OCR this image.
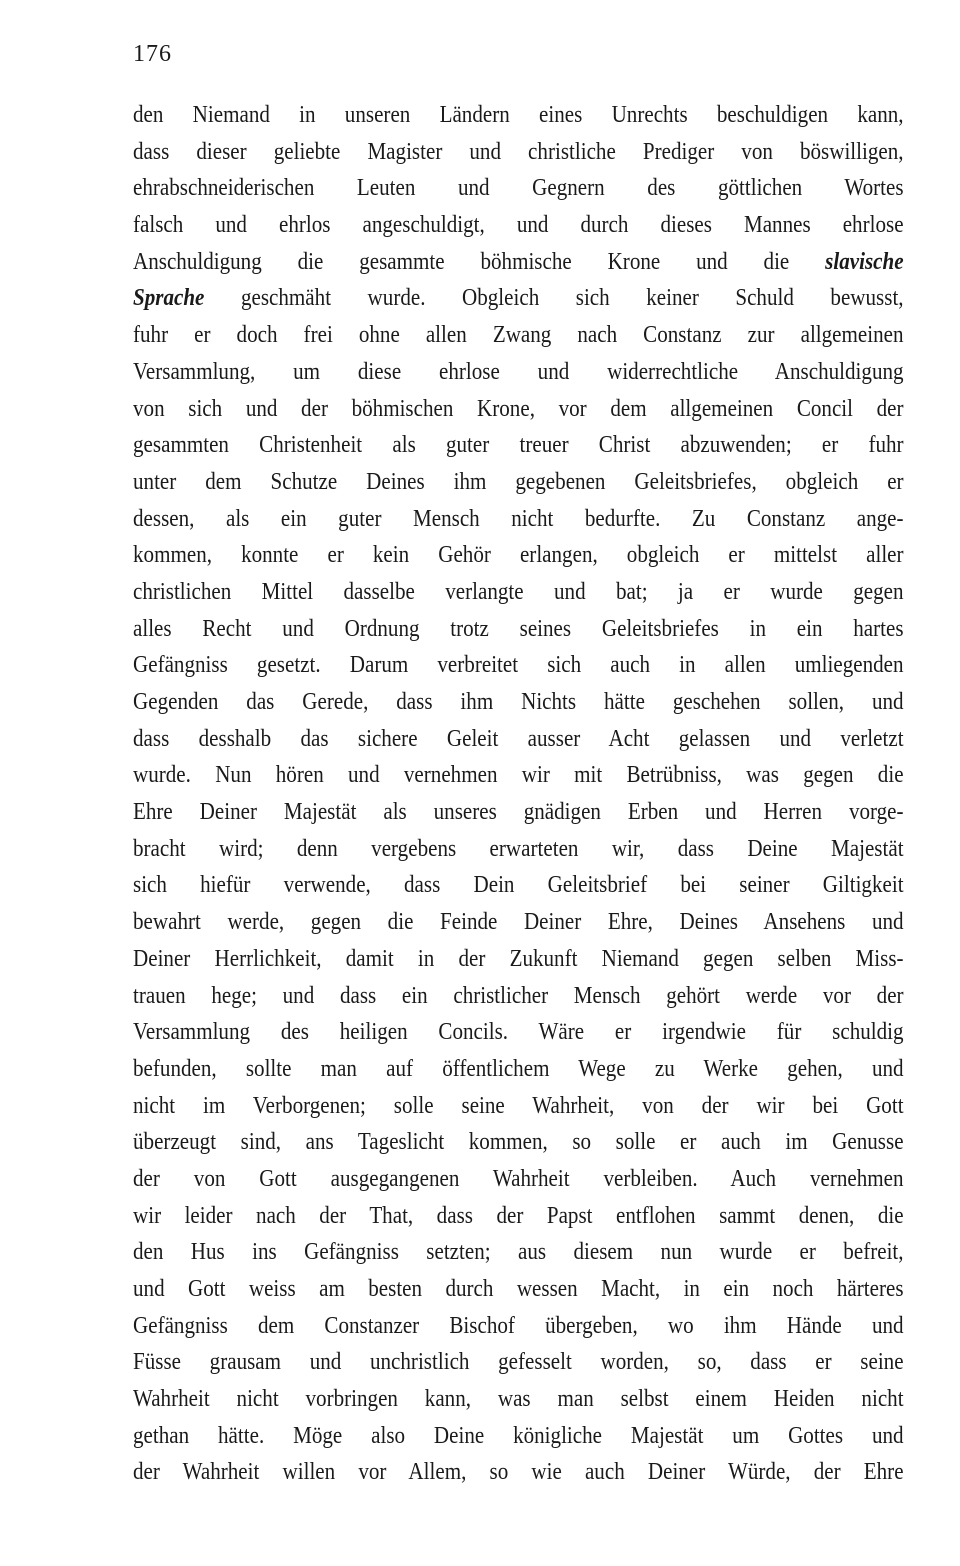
176
den Niemand in unseren Ländern eines Unrechts beschuldigen kann,
dass dieser geliebte Magister und christliche Prediger von böswilligen,
ehrabschneiderischen Leuten und Gegnern des göttlichen Wortes
falsch und ehrlos angeschuldigt, und durch dieses Mannes ehrlose
Anschuldigung die gesammte böhmische Krone und die slavische
Sprache geschmäht wurde. Obgleich sich keiner Schuld bewusst,
fuhr er doch frei ohne allen Zwang nach Constanz zur allgemeinen
Versammlung, um diese ehrlose und widerrechtliche Anschuldigung
von sich und der böhmischen Krone, vor dem allgemeinen Concil der
gesammten Christenheit als guter treuer Christ abzuwenden; er fuhr
unter dem Schutze Deines ihm gegebenen Geleitsbriefes, obgleich er
dessen, als ein guter Mensch nicht bedurfte. Zu Constanz ange-
kommen, konnte er kein Gehör erlangen, obgleich er mittelst aller
christlichen Mittel dasselbe verlangte und bat; ja er wurde gegen
alles Recht und Ordnung trotz seines Geleitsbriefes in ein hartes
Gefängniss gesetzt. Darum verbreitet sich auch in allen umliegenden
Gegenden das Gerede, dass ihm Nichts hätte geschehen sollen, und
dass desshalb das sichere Geleit ausser Acht gelassen und verletzt
wurde. Nun hören und vernehmen wir mit Betrübniss, was gegen die
Ehre Deiner Majestät als unseres gnädigen Erben und Herren vorge-
bracht wird; denn vergebens erwarteten wir, dass Deine Majestät
sich hiefür verwende, dass Dein Geleitsbrief bei seiner Giltigkeit
bewahrt werde, gegen die Feinde Deiner Ehre, Deines Ansehens und
Deiner Herrlichkeit, damit in der Zukunft Niemand gegen selben Miss-
trauen hege; und dass ein christlicher Mensch gehört werde vor der
Versammlung des heiligen Concils. Wäre er irgendwie für schuldig
befunden, sollte man auf öffentlichem Wege zu Werke gehen, und
nicht im Verborgenen; solle seine Wahrheit, von der wir bei Gott
überzeugt sind, ans Tageslicht kommen, so solle er auch im Genusse
der von Gott ausgegangenen Wahrheit verbleiben. Auch vernehmen
wir leider nach der That, dass der Papst entflohen sammt denen, die
den Hus ins Gefängniss setzten; aus diesem nun wurde er befreit,
und Gott weiss am besten durch wessen Macht, in ein noch härteres
Gefängniss dem Constanzer Bischof übergeben, wo ihm Hände und
Füsse grausam und unchristlich gefesselt worden, so, dass er seine
Wahrheit nicht vorbringen kann, was man selbst einem Heiden nicht
gethan hätte. Möge also Deine königliche Majestät um Gottes und
der Wahrheit willen vor Allem, so wie auch Deiner Würde, der Ehre
